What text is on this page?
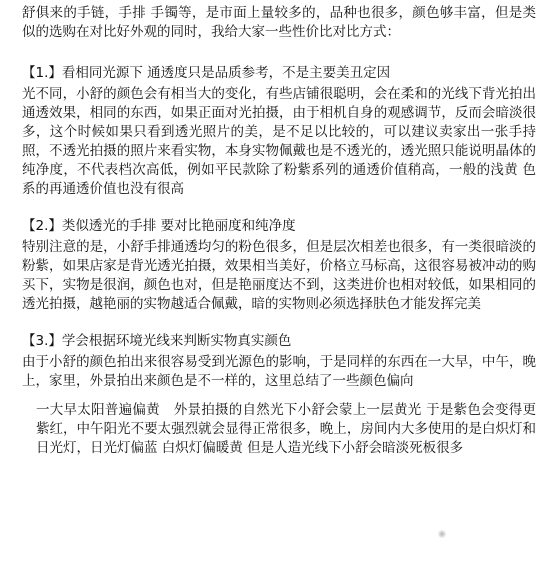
舒俱来的手链，手排 手镯等，是市面上量较多的，品种也很多，颜色够丰富，但是类似的选购在对比好外观的同时，我给大家一些性价比对比方式：

【1.】看相同光源下 通透度只是品质参考，不是主要美丑定因

光不同，小舒的颜色会有相当大的变化，有些店铺很聪明，会在柔和的光线下背光拍出通透效果，相同的东西，如果正面对光拍摄，由于相机自身的观感调节，反而会暗淡很多，这个时候如果只看到透光照片的美，是不足以比较的，可以建议卖家出一张手持照，不透光拍摄的照片来看实物，本身实物佩戴也是不透光的，透光照只能说明晶体的纯净度，不代表档次高低，例如平民款除了粉紫系列的通透价值稍高，一般的浅黄 色系的再通透价值也没有很高

【2.】类似透光的手排 要对比艳丽度和纯净度

特别注意的是，小舒手排通透均匀的粉色很多，但是层次相差也很多，有一类很暗淡的粉紫，如果店家是背光透光拍摄，效果相当美好，价格立马标高，这很容易被冲动的购买下，实物是很润，颜色也对，但是艳丽度达不到，这类进价也相对较低，如果相同的透光拍摄，越艳丽的实物越适合佩戴，暗的实物则必须选择肤色才能发挥完美

【3.】学会根据环境光线来判断实物真实颜色

由于小舒的颜色拍出来很容易受到光源色的影响，于是同样的东西在一大早，中午，晚上，家里，外景拍出来颜色是不一样的，这里总结了一些颜色偏向

一大早太阳普遍偏黄　外景拍摄的自然光下小舒会蒙上一层黄光 于是紫色会变得更紫红，中午阳光不要太强烈就会显得正常很多，晚上，房间内大多使用的是白炽灯和日光灯，日光灯偏蓝 白炽灯偏暖黄 但是人造光线下小舒会暗淡死板很多
